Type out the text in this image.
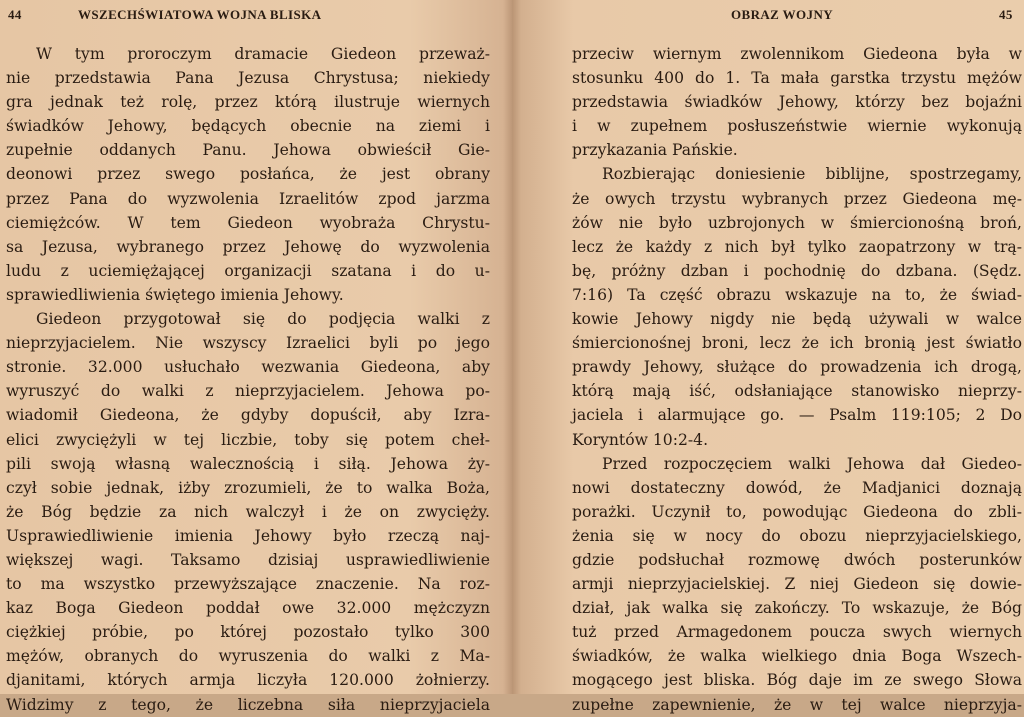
44	WSZECHŚWIATOWA WOJNA BLISKA
W tym proroczym dramacie Giedeon przeważ-
nie przedstawia Pana Jezusa Chrystusa; niekiedy
gra jednak też rolę, przez którą ilustruje wiernych
świadków Jehowy, będących obecnie na ziemi i
zupełnie oddanych Panu. Jehowa obwieścił Gie-
deonowi przez swego posłańca, że jest obrany
przez Pana do wyzwolenia Izraelitów zpod jarzma
ciemiężców. W tem Giedeon wyobraża Chrystu-
sa Jezusa, wybranego przez Jehowę do wyzwolenia
ludu z uciemiężającej organizacji szatana i do u-
sprawiedliwienia świętego imienia Jehowy.
Giedeon przygotował się do podjęcia walki z
nieprzyjacielem. Nie wszyscy Izraelici byli po jego
stronie. 32.000 usłuchało wezwania Giedeona, aby
wyruszyć do walki z nieprzyjacielem. Jehowa po-
wiadomił Giedeona, że gdyby dopuścił, aby Izra-
elici zwyciężyli w tej liczbie, toby się potem cheł-
pili swoją własną walecznością i siłą. Jehowa ży-
czył sobie jednak, iżby zrozumieli, że to walka Boża,
że Bóg będzie za nich walczył i że on zwycięży.
Usprawiedliwienie imienia Jehowy było rzeczą naj-
większej wagi. Taksamo dzisiaj usprawiedliwienie
to ma wszystko przewyższające znaczenie. Na roz-
kaz Boga Giedeon poddał owe 32.000 mężczyzn
ciężkiej próbie, po której pozostało tylko 300
mężów, obranych do wyruszenia do walki z Ma-
djanitami, których armja liczyła 120.000 żołnierzy.
Widzimy z tego, że liczebna siła nieprzyjaciela
OBRAZ WOJNY	45
przeciw wiernym zwolennikom Giedeona była w
stosunku 400 do 1. Ta mała garstka trzystu mężów
przedstawia świadków Jehowy, którzy bez bojaźni
i w zupełnem posłuszeństwie wiernie wykonują
przykazania Pańskie.
Rozbierając doniesienie biblijne, spostrzegamy,
że owych trzystu wybranych przez Giedeona mę-
żów nie było uzbrojonych w śmiercionośną broń,
lecz że każdy z nich był tylko zaopatrzony w trą-
bę, próżny dzban i pochodnię do dzbana. (Sędz.
7:16) Ta część obrazu wskazuje na to, że świad-
kowie Jehowy nigdy nie będą używali w walce
śmiercionośnej broni, lecz że ich bronią jest światło
prawdy Jehowy, służące do prowadzenia ich drogą,
którą mają iść, odsłaniające stanowisko nieprzy-
jaciela i alarmujące go. — Psalm 119:105; 2 Do
Koryntów 10:2-4.
Przed rozpoczęciem walki Jehowa dał Giedeo-
nowi dostateczny dowód, że Madjanici doznają
porażki. Uczynił to, powodując Giedeona do zbli-
żenia się w nocy do obozu nieprzyjacielskiego,
gdzie podsłuchał rozmowę dwóch posterunków
armji nieprzyjacielskiej. Z niej Giedeon się dowie-
dział, jak walka się zakończy. To wskazuje, że Bóg
tuż przed Armagedonem poucza swych wiernych
świadków, że walka wielkiego dnia Boga Wszech-
mogącego jest bliska. Bóg daje im ze swego Słowa
zupełne zapewnienie, że w tej walce nieprzyja-
